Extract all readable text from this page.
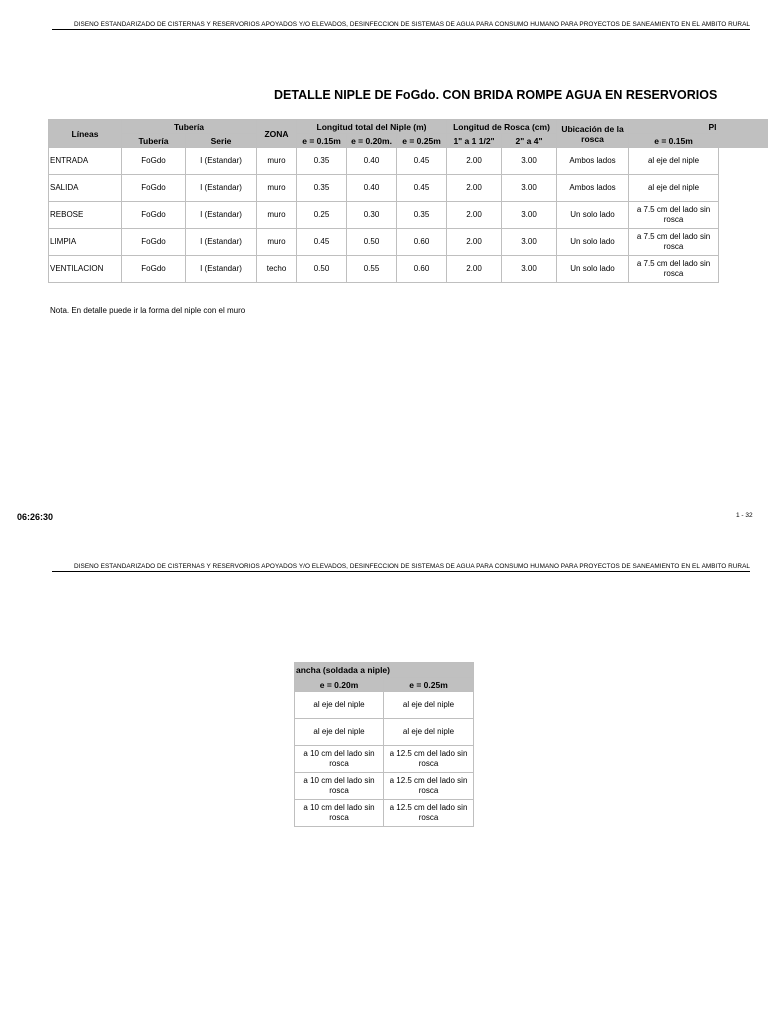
DISEÑO ESTANDARIZADO DE CISTERNAS Y RESERVORIOS APOYADOS Y/O ELEVADOS, DESINFECCIÓN DE SISTEMAS DE AGUA PARA CONSUMO HUMANO PARA PROYECTOS DE SANEAMIENTO EN EL ÁMBITO RURAL
DETALLE NIPLE DE FoGdo. CON BRIDA ROMPE AGUA EN RESERVORIOS
Líneas	Tubería		ZONA	Longitud total del Niple (m)			Longitud de Rosca (cm)		Ubicación de la rosca	Pl
	Tubería	Serie		e = 0.15m	e = 0.20m.	e = 0.25m	1" a 1 1/2"	2" a 4"		e = 0.15m
ENTRADA	FoGdo	I (Estandar)	muro	0.35	0.40	0.45	2.00	3.00	Ambos lados	al eje del niple
SALIDA	FoGdo	I (Estandar)	muro	0.35	0.40	0.45	2.00	3.00	Ambos lados	al eje del niple
REBOSE	FoGdo	I (Estandar)	muro	0.25	0.30	0.35	2.00	3.00	Un solo lado	a 7.5 cm del lado sin rosca
LIMPIA	FoGdo	I (Estandar)	muro	0.45	0.50	0.60	2.00	3.00	Un solo lado	a 7.5 cm del lado sin rosca
VENTILACION	FoGdo	I (Estandar)	techo	0.50	0.55	0.60	2.00	3.00	Un solo lado	a 7.5 cm del lado sin rosca
Nota. En detalle puede ir la forma del niple con el muro
06:26:30	1 - 32
DISEÑO ESTANDARIZADO DE CISTERNAS Y RESERVORIOS APOYADOS Y/O ELEVADOS, DESINFECCIÓN DE SISTEMAS DE AGUA PARA CONSUMO HUMANO PARA PROYECTOS DE SANEAMIENTO EN EL ÁMBITO RURAL
ancha (soldada a niple)	
e = 0.20m	e = 0.25m
al eje del niple	al eje del niple
al eje del niple	al eje del niple
a 10 cm del lado sin rosca	a 12.5 cm del lado sin rosca
a 10 cm del lado sin rosca	a 12.5 cm del lado sin rosca
a 10 cm del lado sin rosca	a 12.5 cm del lado sin rosca
